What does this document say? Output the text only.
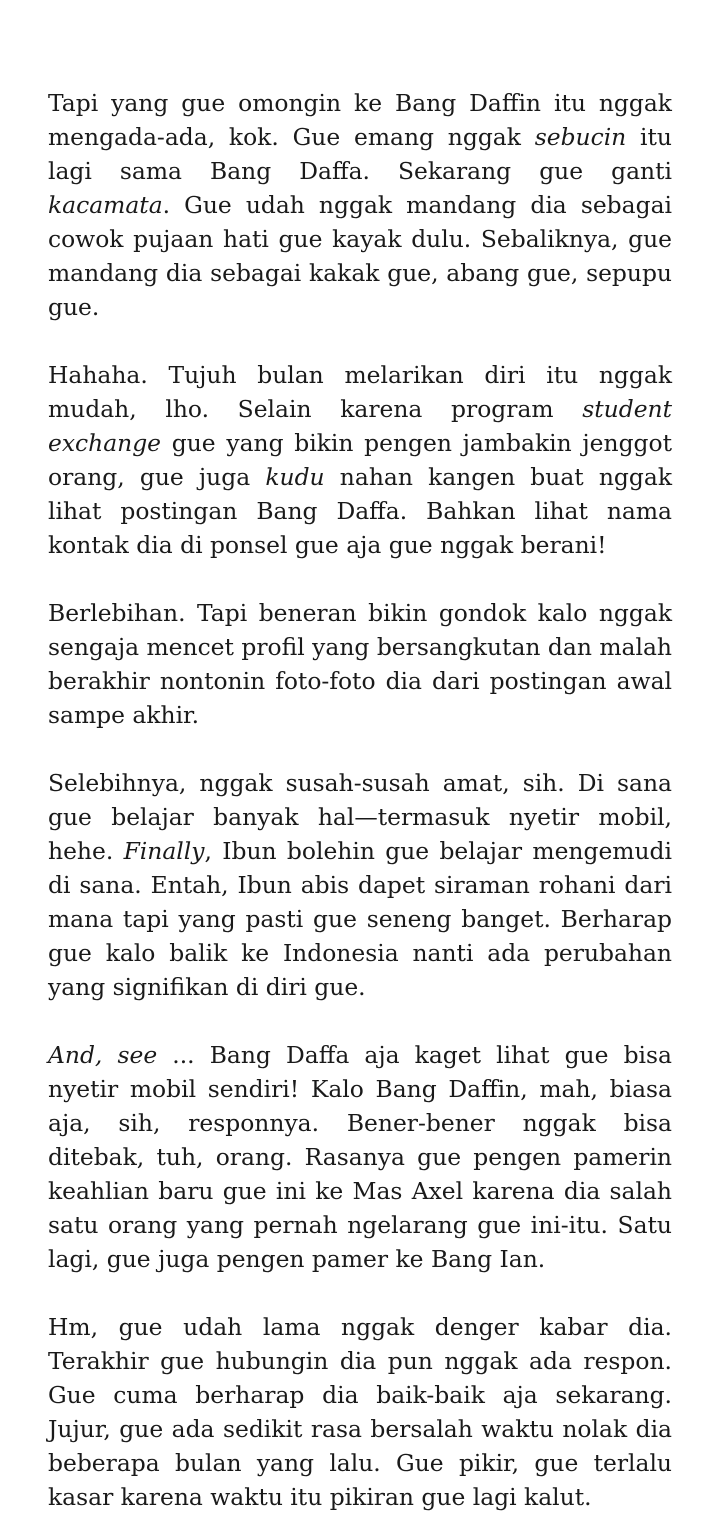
Tapi yang gue omongin ke Bang Daffin itu nggak mengada-ada, kok. Gue emang nggak sebucin itu lagi sama Bang Daffa. Sekarang gue ganti kacamata. Gue udah nggak mandang dia sebagai cowok pujaan hati gue kayak dulu. Sebaliknya, gue mandang dia sebagai kakak gue, abang gue, sepupu gue.

Hahaha. Tujuh bulan melarikan diri itu nggak mudah, lho. Selain karena program student exchange gue yang bikin pengen jambakin jenggot orang, gue juga kudu nahan kangen buat nggak lihat postingan Bang Daffa. Bahkan lihat nama kontak dia di ponsel gue aja gue nggak berani!

Berlebihan. Tapi beneran bikin gondok kalo nggak sengaja mencet profil yang bersangkutan dan malah berakhir nontonin foto-foto dia dari postingan awal sampe akhir.

Selebihnya, nggak susah-susah amat, sih. Di sana gue belajar banyak hal—termasuk nyetir mobil, hehe. Finally, Ibun bolehin gue belajar mengemudi di sana. Entah, Ibun abis dapet siraman rohani dari mana tapi yang pasti gue seneng banget. Berharap gue kalo balik ke Indonesia nanti ada perubahan yang signifikan di diri gue.

And, see ... Bang Daffa aja kaget lihat gue bisa nyetir mobil sendiri! Kalo Bang Daffin, mah, biasa aja, sih, responnya. Bener-bener nggak bisa ditebak, tuh, orang. Rasanya gue pengen pamerin keahlian baru gue ini ke Mas Axel karena dia salah satu orang yang pernah ngelarang gue ini-itu. Satu lagi, gue juga pengen pamer ke Bang Ian.

Hm, gue udah lama nggak denger kabar dia. Terakhir gue hubungin dia pun nggak ada respon. Gue cuma berharap dia baik-baik aja sekarang. Jujur, gue ada sedikit rasa bersalah waktu nolak dia beberapa bulan yang lalu. Gue pikir, gue terlalu kasar karena waktu itu pikiran gue lagi kalut.
